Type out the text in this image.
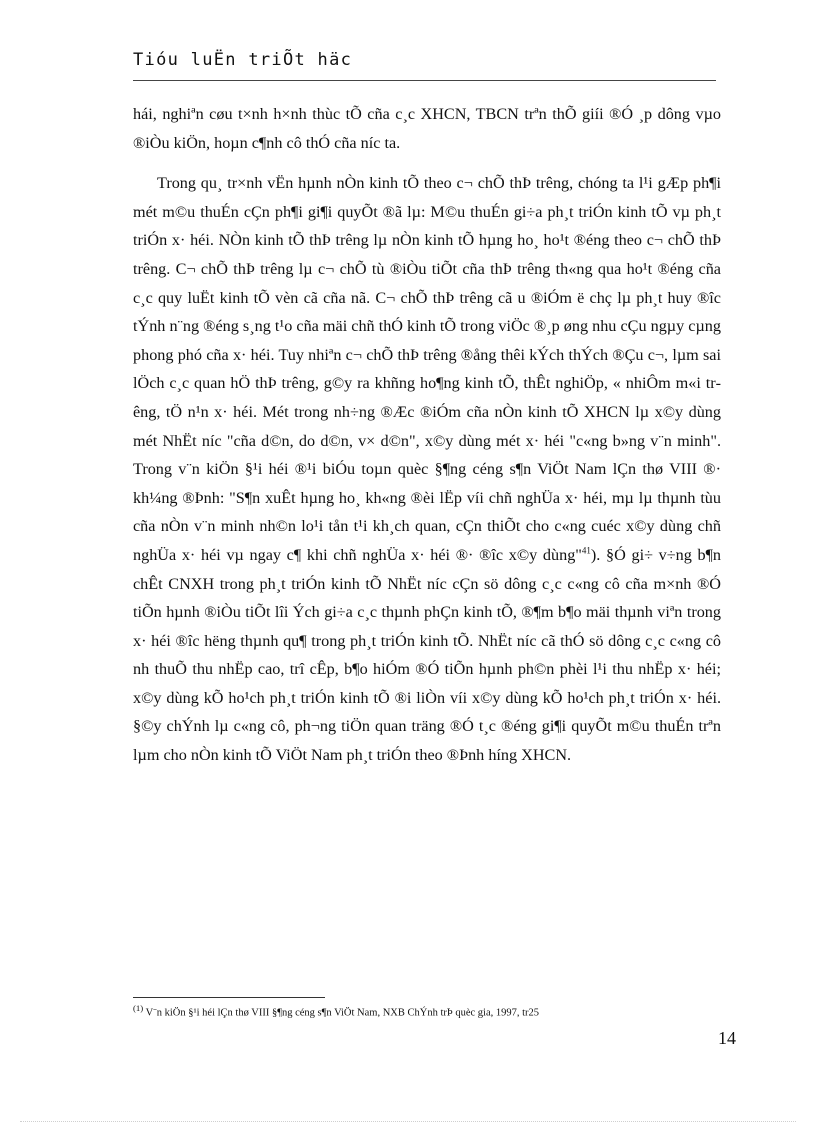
Tióu luËn triÕt häc

hái, nghiªn cøu t×nh h×nh thùc tÕ cña c¸c XHCN, TBCN trªn thÕ giíi ®Ó ¸p dông vµo ®iÒu kiÖn, hoµn c¶nh cô thÓ cña níc ta.

Trong qu¸ tr×nh vËn hµnh nÒn kinh tÕ theo c¬ chÕ thÞ trêng, chóng ta l¹i gÆp ph¶i mét m©u thuÉn cÇn ph¶i gi¶i quyÕt ®ã lµ: M©u thuÉn gi÷a ph¸t triÓn kinh tÕ vµ ph¸t triÓn x· héi. NÒn kinh tÕ thÞ trêng lµ nÒn kinh tÕ hµng ho¸ ho¹t ®éng theo c¬ chÕ thÞ trêng. C¬ chÕ thÞ trêng lµ c¬ chÕ tù ®iÒu tiÕt cña thÞ trêng th«ng qua ho¹t ®éng cña c¸c quy luËt kinh tÕ vèn cã cña nã. C¬ chÕ thÞ trêng cã u ®iÓm ë chç lµ ph¸t huy ®îc tÝnh n¨ng ®éng s¸ng t¹o cña mäi chñ thÓ kinh tÕ trong viÖc ®¸p øng nhu cÇu ngµy cµng phong phó cña x· héi. Tuy nhiªn c¬ chÕ thÞ trêng ®ång thêi kÝch thÝch ®Çu c¬, lµm sai lÖch c¸c quan hÖ thÞ trêng, g©y ra khñng ho¶ng kinh tÕ, thÊt nghiÖp, « nhiÔm m«i trêng, tÖ n¹n x· héi. Mét trong nh÷ng ®Æc ®iÓm cña nÒn kinh tÕ XHCN lµ x©y dùng mét NhËt níc "cña d©n, do d©n, v× d©n", x©y dùng mét x· héi "c«ng b»ng v¨n minh". Trong v¨n kiÖn §¹i héi ®¹i biÓu toµn quèc §¶ng céng s¶n ViÖt Nam lÇn thø VIII ®· kh¼ng ®Þnh: "S¶n xuÊt hµng ho¸ kh«ng ®èi lËp víi chñ nghÜa x· héi, mµ lµ thµnh tùu cña nÒn v¨n minh nh©n lo¹i tån t¹i kh¸ch quan, cÇn thiÕt cho c«ng cuéc x©y dùng chñ nghÜa x· héi vµ ngay c¶ khi chñ nghÜa x· héi ®· ®îc x©y dùng"$^{41}$). §Ó gi÷ v÷ng b¶n chÊt CNXH trong ph¸t triÓn kinh tÕ NhËt níc cÇn sö dông c¸c c«ng cô cña m×nh ®Ó tiÕn hµnh ®iÒu tiÕt lîi Ých gi÷a c¸c thµnh phÇn kinh tÕ, ®¶m b¶o mäi thµnh viªn trong x· héi ®îc hëng thµnh qu¶ trong ph¸t triÓn kinh tÕ. NhËt níc cã thÓ sö dông c¸c c«ng cô nh thuÕ thu nhËp cao, trî cÊp, b¶o hiÓm ®Ó tiÕn hµnh ph©n phèi l¹i thu nhËp x· héi; x©y dùng kÕ ho¹ch ph¸t triÓn kinh tÕ ®i liÒn víi x©y dùng kÕ ho¹ch ph¸t triÓn x· héi. §©y chÝnh lµ c«ng cô, ph¬ng tiÖn quan träng ®Ó t¸c ®éng gi¶i quyÕt m©u thuÉn trªn lµm cho nÒn kinh tÕ ViÖt Nam ph¸t triÓn theo ®Þnh híng XHCN.

$^{(1)}$ V¨n kiÖn §¹i héi lÇn thø VIII §¶ng céng s¶n ViÖt Nam, NXB ChÝnh trÞ quèc gia, 1997, tr25
14
